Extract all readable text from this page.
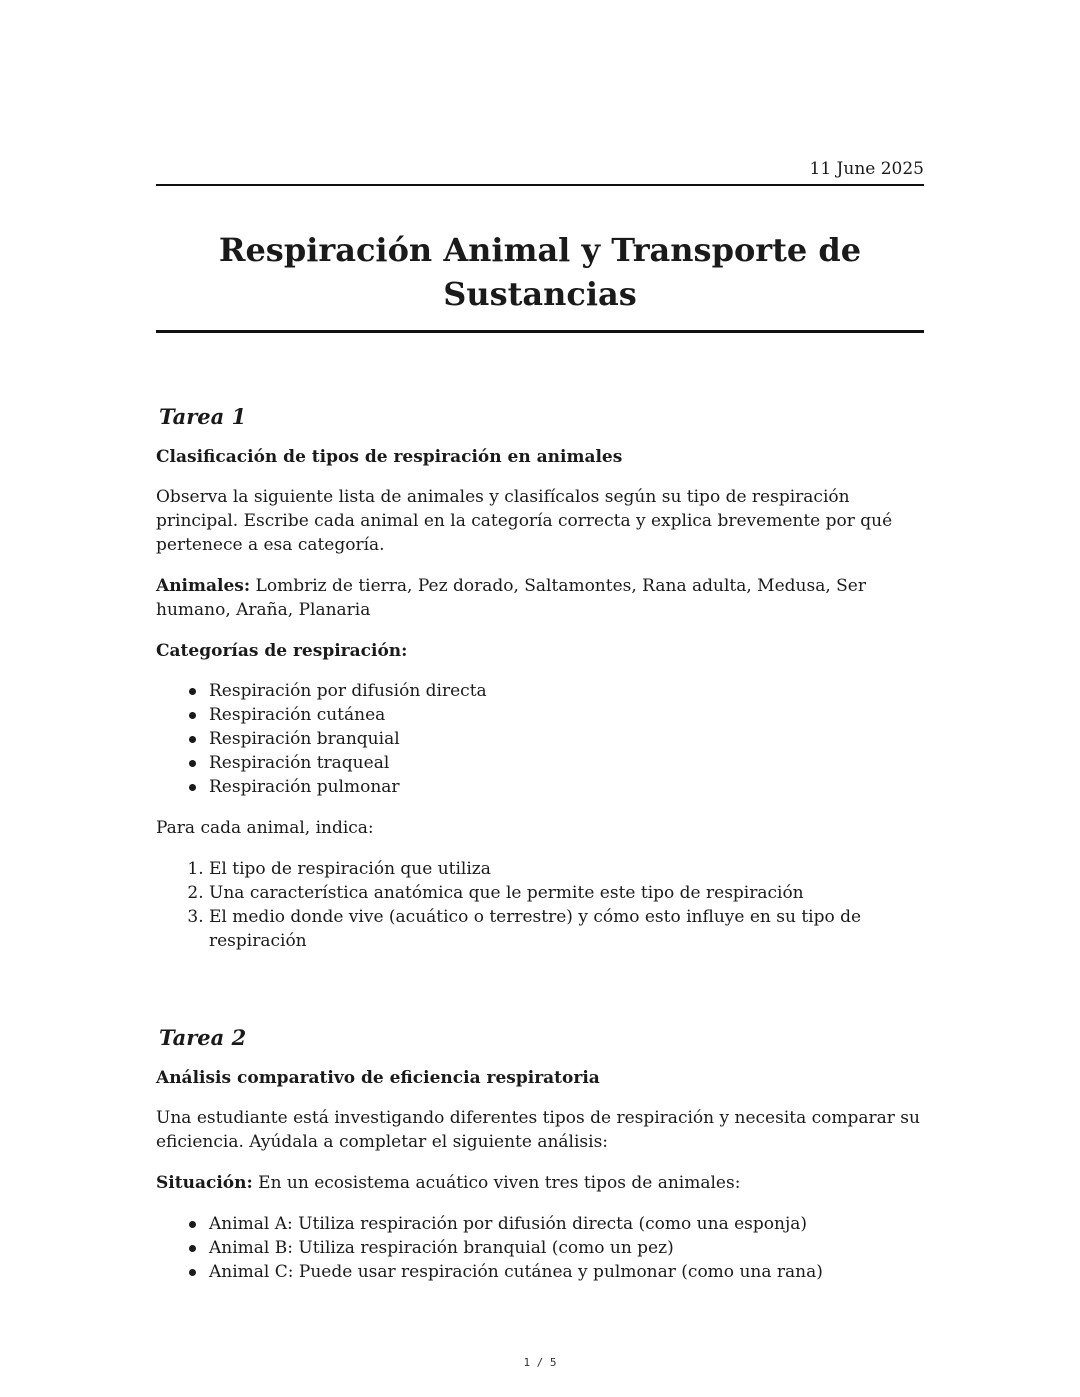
11 June 2025
Respiración Animal y Transporte de Sustancias
Tarea 1
Clasificación de tipos de respiración en animales

Observa la siguiente lista de animales y clasifícalos según su tipo de respiración principal. Escribe cada animal en la categoría correcta y explica brevemente por qué pertenece a esa categoría.

Animales: Lombriz de tierra, Pez dorado, Saltamontes, Rana adulta, Medusa, Ser humano, Araña, Planaria

Categorías de respiración:
Respiración por difusión directa
Respiración cutánea
Respiración branquial
Respiración traqueal
Respiración pulmonar

Para cada animal, indica:

1. El tipo de respiración que utiliza
2. Una característica anatómica que le permite este tipo de respiración
3. El medio donde vive (acuático o terrestre) y cómo esto influye en su tipo de respiración
Tarea 2
Análisis comparativo de eficiencia respiratoria

Una estudiante está investigando diferentes tipos de respiración y necesita comparar su eficiencia. Ayúdala a completar el siguiente análisis:

Situación: En un ecosistema acuático viven tres tipos de animales:

Animal A: Utiliza respiración por difusión directa (como una esponja)
Animal B: Utiliza respiración branquial (como un pez)
Animal C: Puede usar respiración cutánea y pulmonar (como una rana)
1 / 5
